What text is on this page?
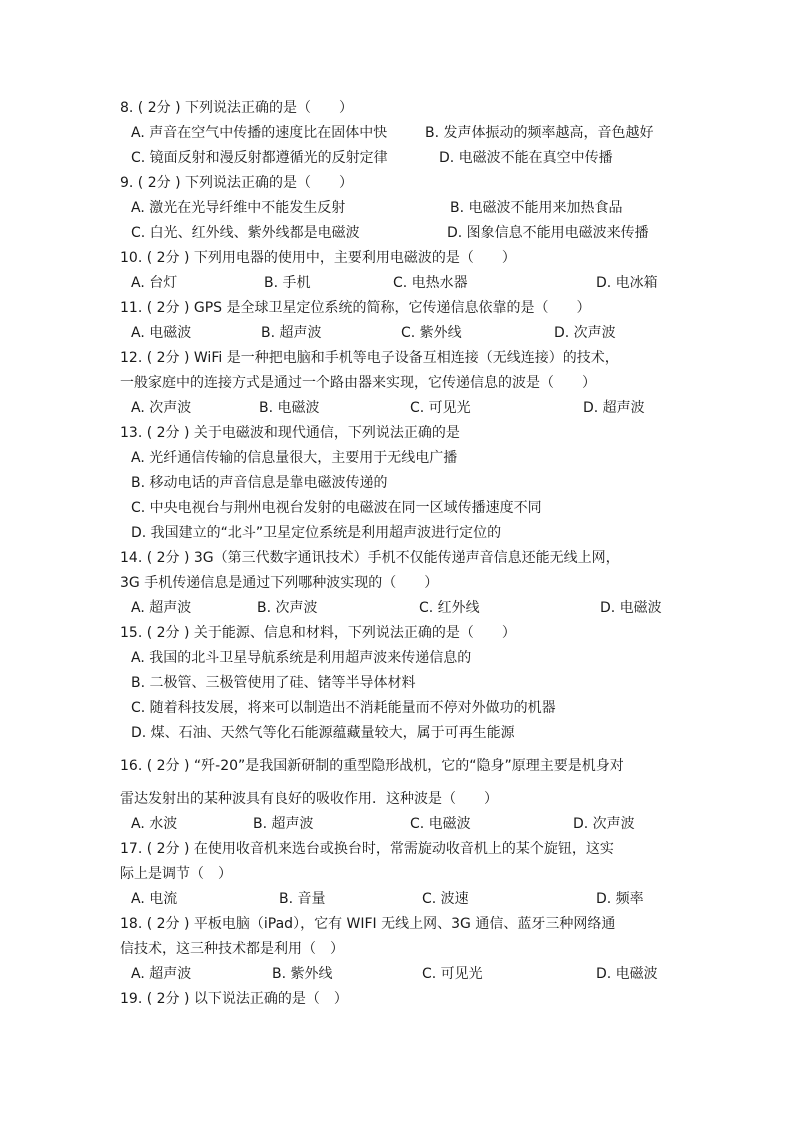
8. ( 2分 ) 下列说法正确的是（　　）
A. 声音在空气中传播的速度比在固体中快	B. 发声体振动的频率越高，音色越好
C. 镜面反射和漫反射都遵循光的反射定律	D. 电磁波不能在真空中传播
9. ( 2分 ) 下列说法正确的是（　　）
A. 激光在光导纤维中不能发生反射	B. 电磁波不能用来加热食品
C. 白光、红外线、紫外线都是电磁波	D. 图象信息不能用电磁波来传播
10. ( 2分 ) 下列用电器的使用中，主要利用电磁波的是（　　）
A. 台灯	B. 手机	C. 电热水器	D. 电冰箱
11. ( 2分 ) GPS 是全球卫星定位系统的简称，它传递信息依靠的是（　　）
A. 电磁波	B. 超声波	C. 紫外线	D. 次声波
12. ( 2分 ) WiFi 是一种把电脑和手机等电子设备互相连接（无线连接）的技术，
一般家庭中的连接方式是通过一个路由器来实现，它传递信息的波是（　　）
A. 次声波	B. 电磁波	C. 可见光	D. 超声波
13. ( 2分 ) 关于电磁波和现代通信，下列说法正确的是
A. 光纤通信传输的信息量很大，主要用于无线电广播
B. 移动电话的声音信息是靠电磁波传递的
C. 中央电视台与荆州电视台发射的电磁波在同一区域传播速度不同
D. 我国建立的“北斗”卫星定位系统是利用超声波进行定位的
14. ( 2分 ) 3G（第三代数字通讯技术）手机不仅能传递声音信息还能无线上网，
3G 手机传递信息是通过下列哪种波实现的（　　）
A. 超声波	B. 次声波	C. 红外线	D. 电磁波
15. ( 2分 ) 关于能源、信息和材料，下列说法正确的是（　　）
A. 我国的北斗卫星导航系统是利用超声波来传递信息的
B. 二极管、三极管使用了硅、锗等半导体材料
C. 随着科技发展，将来可以制造出不消耗能量而不停对外做功的机器
D. 煤、石油、天然气等化石能源蕴藏量较大，属于可再生能源
16. ( 2分 ) “歼-20”是我国新研制的重型隐形战机，它的“隐身”原理主要是机身对
雷达发射出的某种波具有良好的吸收作用．这种波是（　　）
A. 水波	B. 超声波	C. 电磁波	D. 次声波
17. ( 2分 ) 在使用收音机来选台或换台时，常需旋动收音机上的某个旋钮，这实
际上是调节（　）
A. 电流	B. 音量	C. 波速	D. 频率
18. ( 2分 ) 平板电脑（iPad），它有 WIFI 无线上网、3G 通信、蓝牙三种网络通
信技术，这三种技术都是利用（　）
A. 超声波	B. 紫外线	C. 可见光	D. 电磁波
19. ( 2分 ) 以下说法正确的是（　）
